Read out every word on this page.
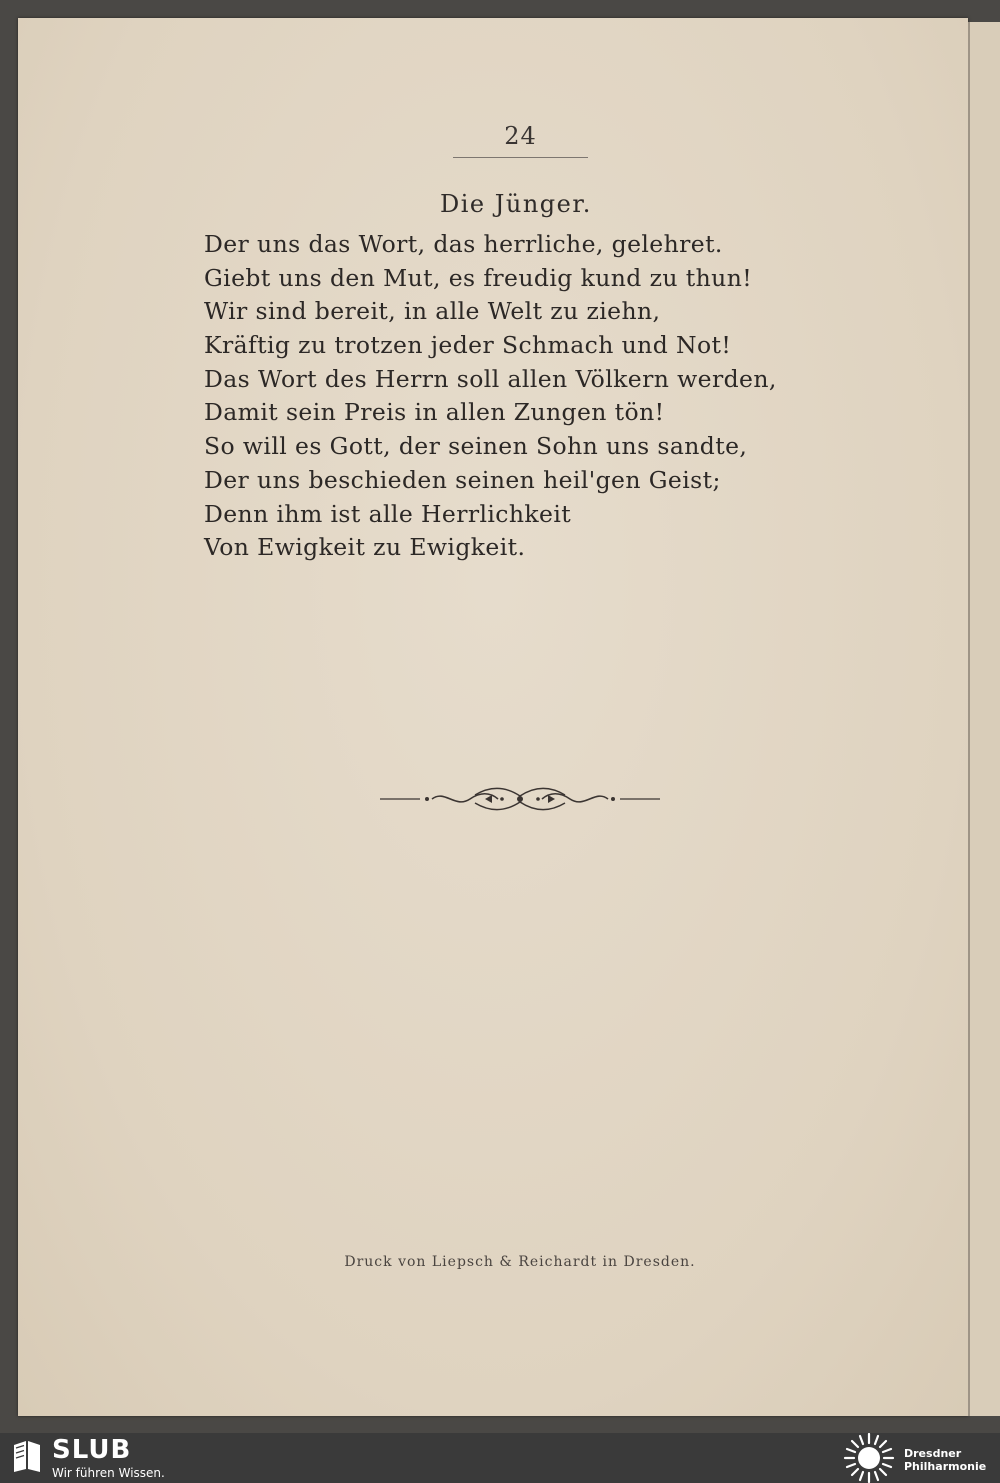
24
Die Jünger.
Der uns das Wort, das herrliche, gelehret.
Giebt uns den Mut, es freudig kund zu thun!
Wir sind bereit, in alle Welt zu ziehn,
Kräftig zu trotzen jeder Schmach und Not!
Das Wort des Herrn soll allen Völkern werden,
Damit sein Preis in allen Zungen tön!
So will es Gott, der seinen Sohn uns sandte,
Der uns beschieden seinen heil'gen Geist;
Denn ihm ist alle Herrlichkeit
Von Ewigkeit zu Ewigkeit.
Druck von Liepsch & Reichardt in Dresden.
SLUB
Wir führen Wissen.
Dresdner
Philharmonie
